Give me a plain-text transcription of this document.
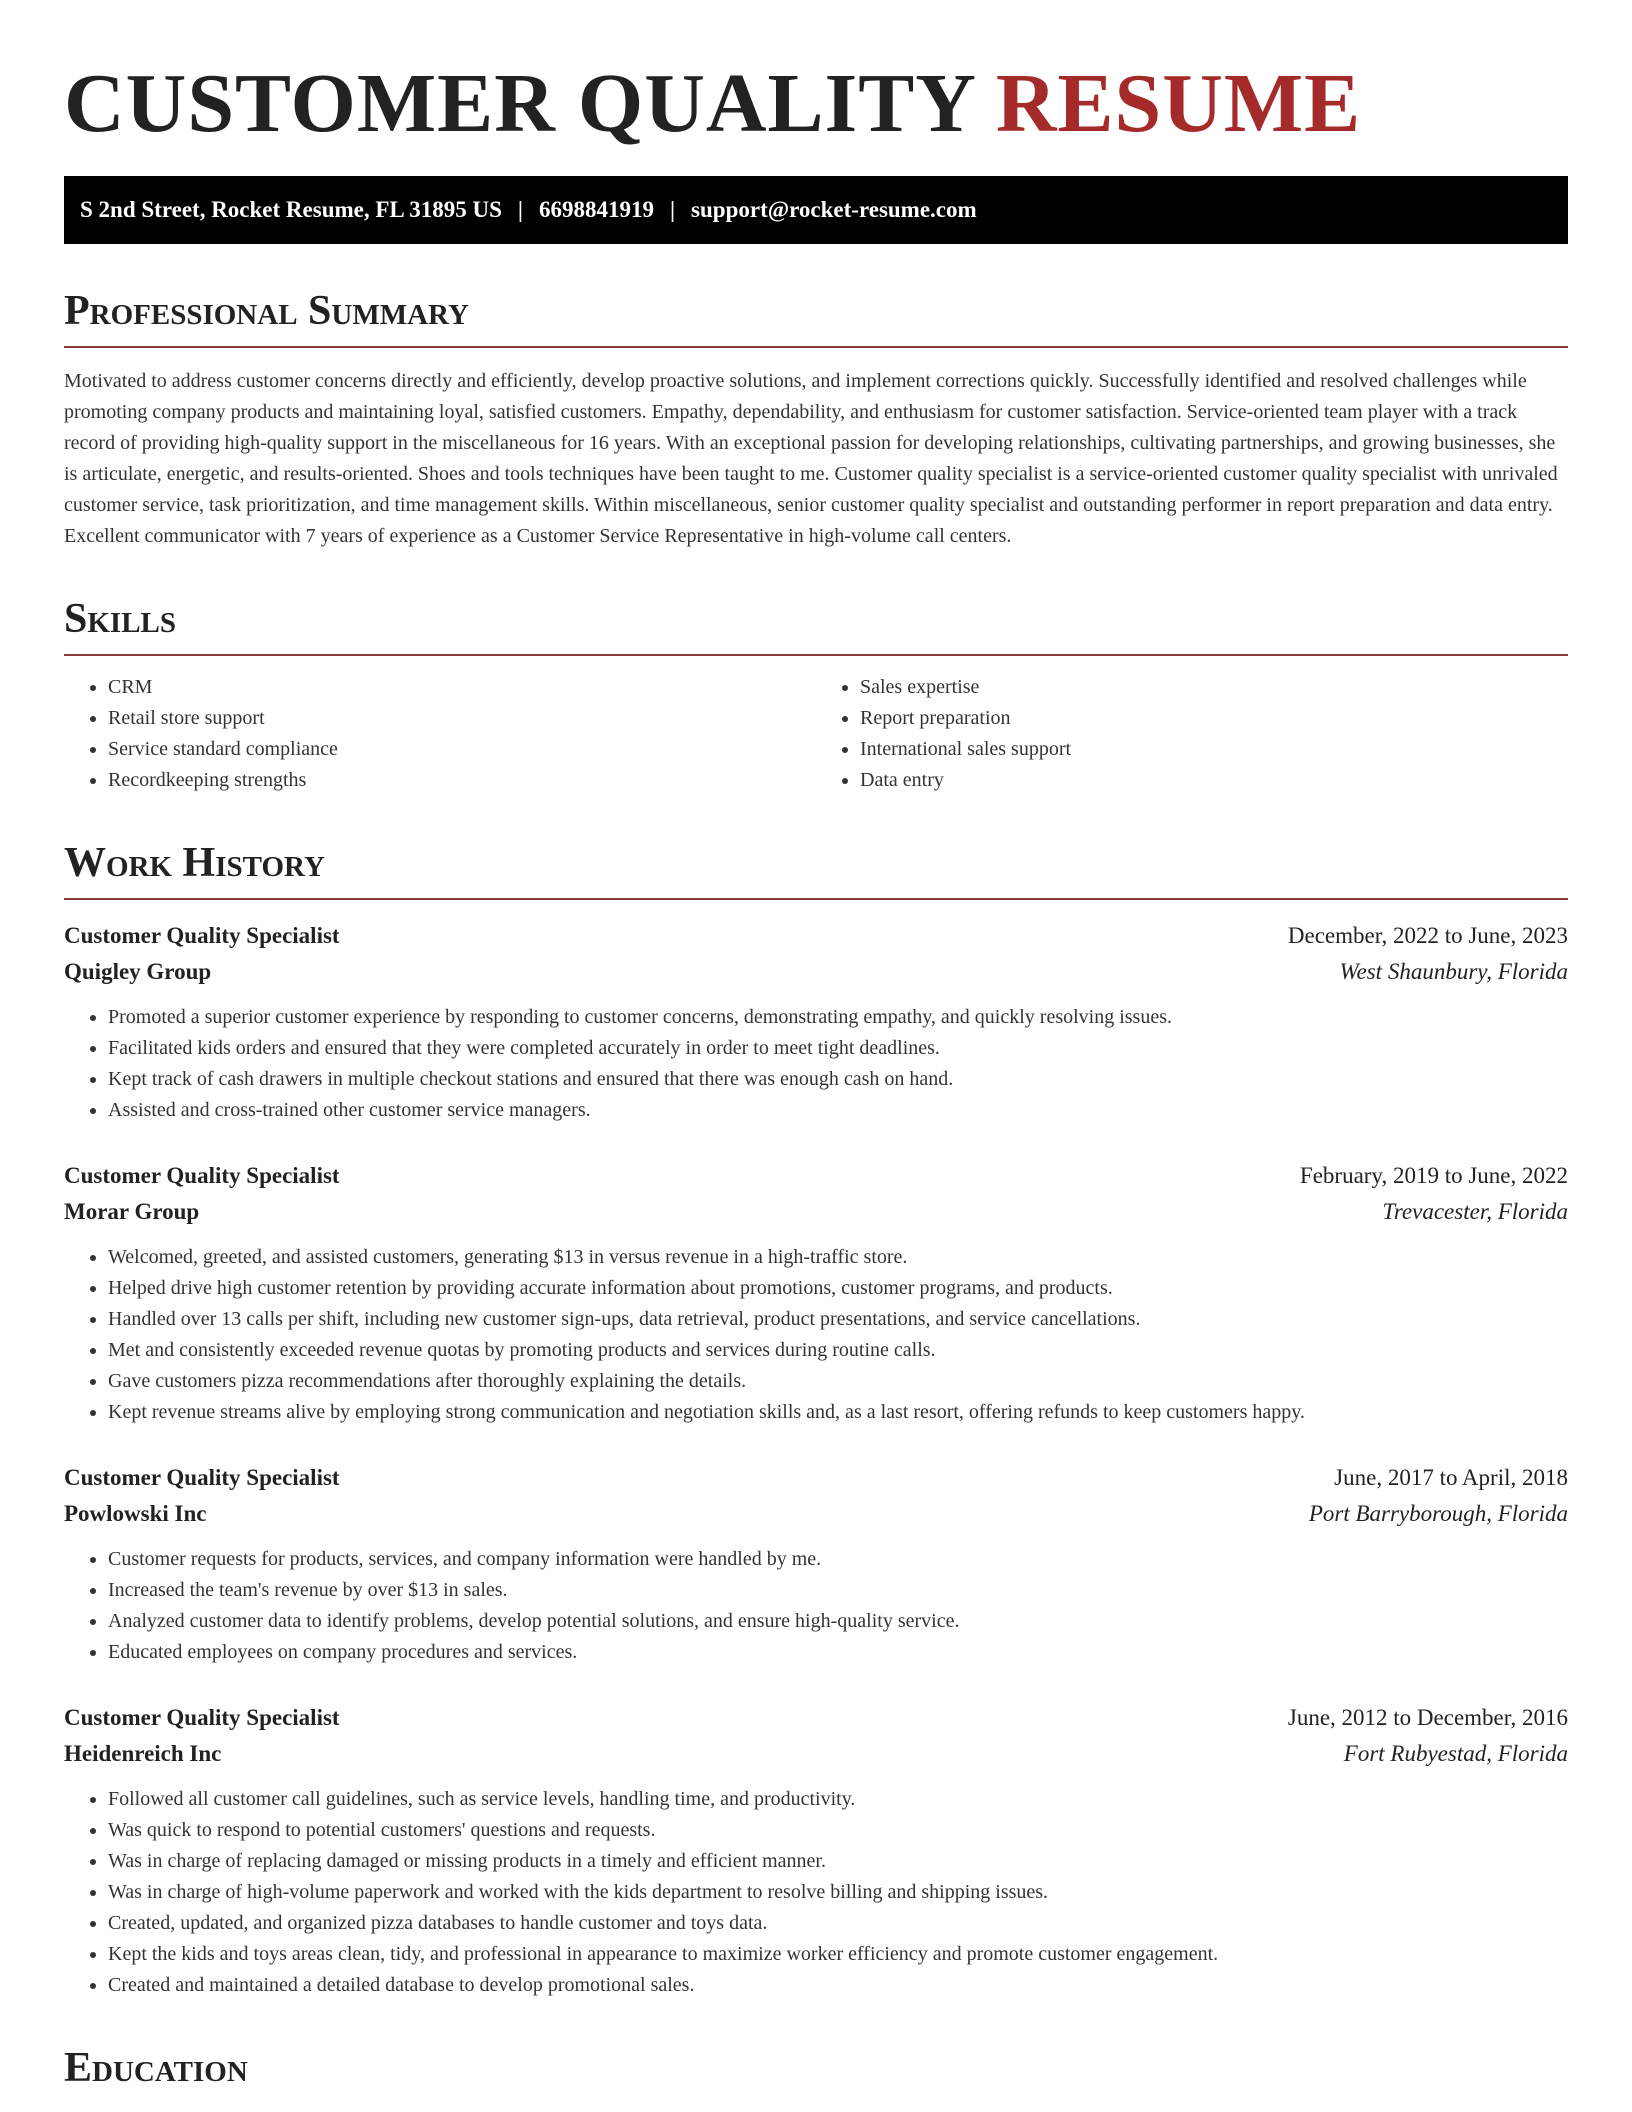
CUSTOMER QUALITY RESUME
S 2nd Street, Rocket Resume, FL 31895 US | 6698841919 | support@rocket-resume.com
Professional Summary

Motivated to address customer concerns directly and efficiently, develop proactive solutions, and implement corrections quickly. Successfully identified and resolved challenges while promoting company products and maintaining loyal, satisfied customers. Empathy, dependability, and enthusiasm for customer satisfaction. Service-oriented team player with a track record of providing high-quality support in the miscellaneous for 16 years. With an exceptional passion for developing relationships, cultivating partnerships, and growing businesses, she is articulate, energetic, and results-oriented. Shoes and tools techniques have been taught to me. Customer quality specialist is a service-oriented customer quality specialist with unrivaled customer service, task prioritization, and time management skills. Within miscellaneous, senior customer quality specialist and outstanding performer in report preparation and data entry. Excellent communicator with 7 years of experience as a Customer Service Representative in high-volume call centers.

Skills
• CRM
• Retail store support
• Service standard compliance
• Recordkeeping strengths
• Sales expertise
• Report preparation
• International sales support
• Data entry
Work History
Customer Quality Specialist	December, 2022 to June, 2023
Quigley Group	West Shaunbury, Florida
• Promoted a superior customer experience by responding to customer concerns, demonstrating empathy, and quickly resolving issues.
• Facilitated kids orders and ensured that they were completed accurately in order to meet tight deadlines.
• Kept track of cash drawers in multiple checkout stations and ensured that there was enough cash on hand.
• Assisted and cross-trained other customer service managers.
Customer Quality Specialist	February, 2019 to June, 2022
Morar Group	Trevacester, Florida
• Welcomed, greeted, and assisted customers, generating $13 in versus revenue in a high-traffic store.
• Helped drive high customer retention by providing accurate information about promotions, customer programs, and products.
• Handled over 13 calls per shift, including new customer sign-ups, data retrieval, product presentations, and service cancellations.
• Met and consistently exceeded revenue quotas by promoting products and services during routine calls.
• Gave customers pizza recommendations after thoroughly explaining the details.
• Kept revenue streams alive by employing strong communication and negotiation skills and, as a last resort, offering refunds to keep customers happy.
Customer Quality Specialist	June, 2017 to April, 2018
Powlowski Inc	Port Barryborough, Florida
• Customer requests for products, services, and company information were handled by me.
• Increased the team's revenue by over $13 in sales.
• Analyzed customer data to identify problems, develop potential solutions, and ensure high-quality service.
• Educated employees on company procedures and services.
Customer Quality Specialist	June, 2012 to December, 2016
Heidenreich Inc	Fort Rubyestad, Florida
• Followed all customer call guidelines, such as service levels, handling time, and productivity.
• Was quick to respond to potential customers' questions and requests.
• Was in charge of replacing damaged or missing products in a timely and efficient manner.
• Was in charge of high-volume paperwork and worked with the kids department to resolve billing and shipping issues.
• Created, updated, and organized pizza databases to handle customer and toys data.
• Kept the kids and toys areas clean, tidy, and professional in appearance to maximize worker efficiency and promote customer engagement.
• Created and maintained a detailed database to develop promotional sales.
Education
